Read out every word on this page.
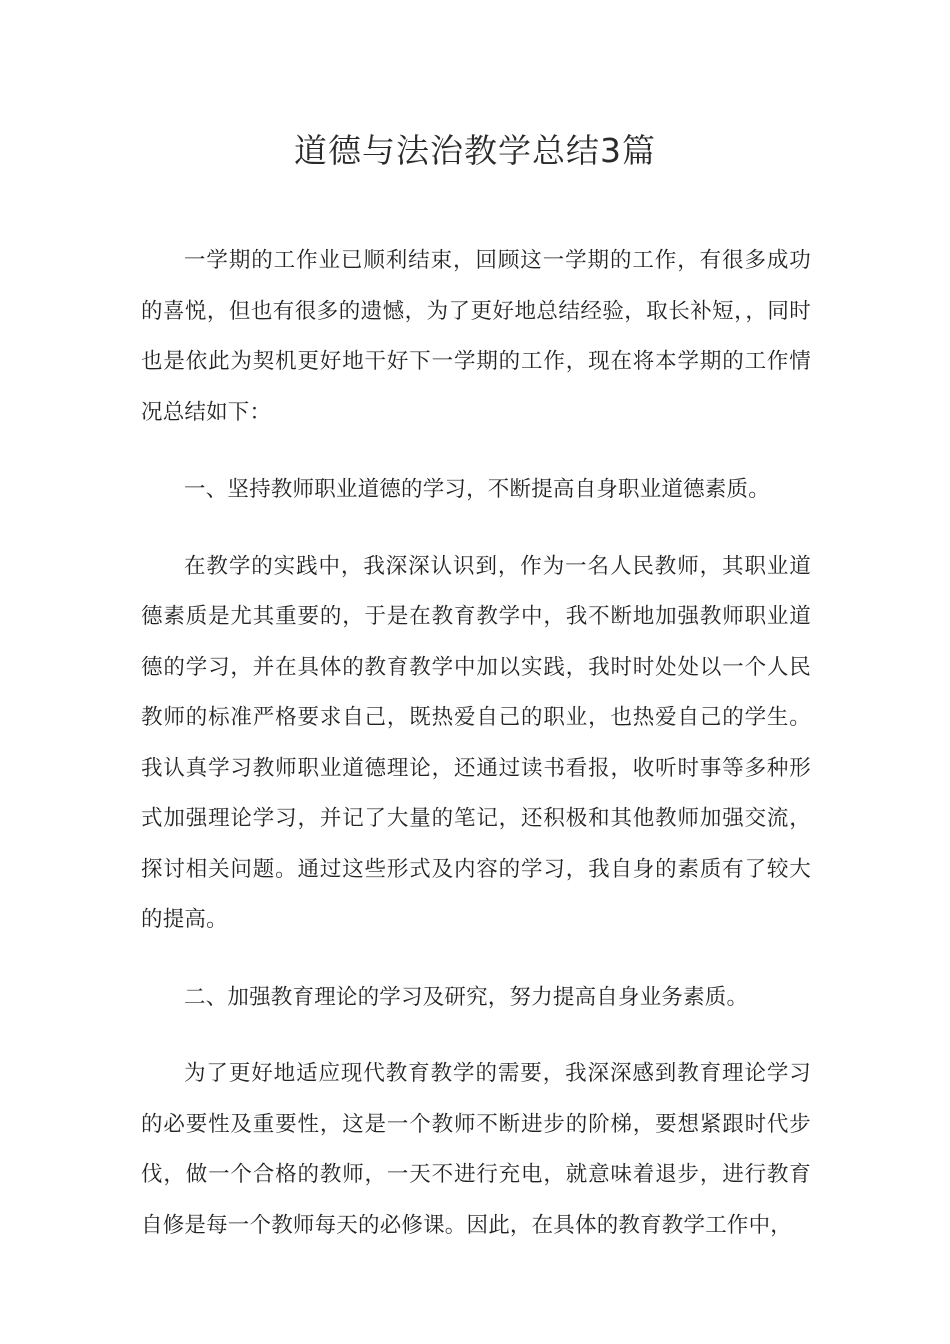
道德与法治教学总结3篇

一学期的工作业已顺利结束，回顾这一学期的工作，有很多成功的喜悦，但也有很多的遗憾，为了更好地总结经验，取长补短，，同时也是依此为契机更好地干好下一学期的工作，现在将本学期的工作情况总结如下：

一、坚持教师职业道德的学习，不断提高自身职业道德素质。

在教学的实践中，我深深认识到，作为一名人民教师，其职业道德素质是尤其重要的，于是在教育教学中，我不断地加强教师职业道德的学习，并在具体的教育教学中加以实践，我时时处处以一个人民教师的标准严格要求自己，既热爱自己的职业，也热爱自己的学生。我认真学习教师职业道德理论，还通过读书看报，收听时事等多种形式加强理论学习，并记了大量的笔记，还积极和其他教师加强交流，探讨相关问题。通过这些形式及内容的学习，我自身的素质有了较大的提高。

二、加强教育理论的学习及研究，努力提高自身业务素质。

为了更好地适应现代教育教学的需要，我深深感到教育理论学习的必要性及重要性，这是一个教师不断进步的阶梯，要想紧跟时代步伐，做一个合格的教师，一天不进行充电，就意味着退步，进行教育自修是每一个教师每天的必修课。因此，在具体的教育教学工作中，
